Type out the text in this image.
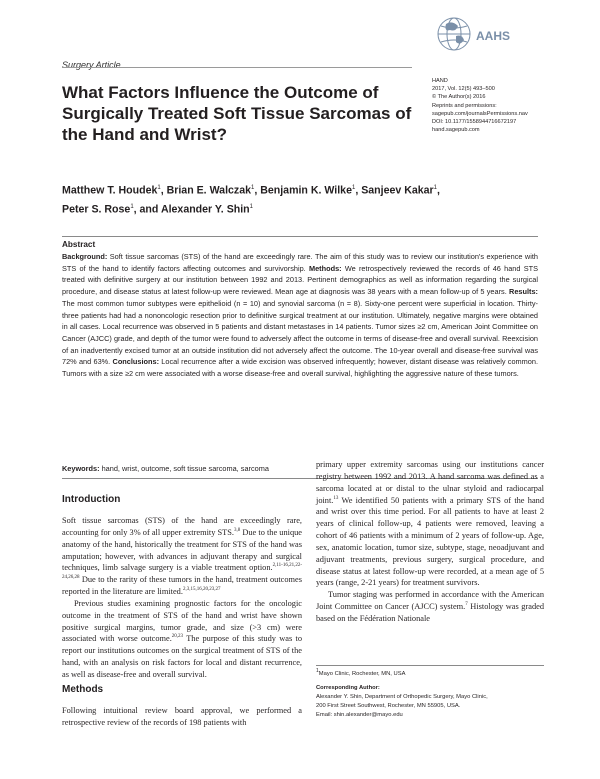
Surgery Article
AAHS
HAND
2017, Vol. 12(5) 493–500
© The Author(s) 2016
Reprints and permissions:
sagepub.com/journalsPermissions.nav
DOI: 10.1177/1558944716672197
hand.sagepub.com
What Factors Influence the Outcome of Surgically Treated Soft Tissue Sarcomas of the Hand and Wrist?
Matthew T. Houdek$^1$, Brian E. Walczak$^1$, Benjamin K. Wilke$^1$, Sanjeev Kakar$^1$,
Peter S. Rose$^1$, and Alexander Y. Shin$^1$
Abstract
Background: Soft tissue sarcomas (STS) of the hand are exceedingly rare. The aim of this study was to review our institution's experience with STS of the hand to identify factors affecting outcomes and survivorship. Methods: We retrospectively reviewed the records of 46 hand STS treated with definitive surgery at our institution between 1992 and 2013. Pertinent demographics as well as information regarding the surgical procedure, and disease status at latest follow-up were reviewed. Mean age at diagnosis was 38 years with a mean follow-up of 5 years. Results: The most common tumor subtypes were epithelioid (n = 10) and synovial sarcoma (n = 8). Sixty-one percent were superficial in location. Thirty-three patients had had a nononcologic resection prior to definitive surgical treatment at our institution. Ultimately, negative margins were obtained in all cases. Local recurrence was observed in 5 patients and distant metastases in 14 patients. Tumor sizes ≥2 cm, American Joint Committee on Cancer (AJCC) grade, and depth of the tumor were found to adversely affect the outcome in terms of disease-free and overall survival. Reexcision of an inadvertently excised tumor at an outside institution did not adversely affect the outcome. The 10-year overall and disease-free survival was 72% and 63%. Conclusions: Local recurrence after a wide excision was observed infrequently; however, distant disease was relatively common. Tumors with a size ≥2 cm were associated with a worse disease-free and overall survival, highlighting the aggressive nature of these tumors.
Keywords: hand, wrist, outcome, soft tissue sarcoma, sarcoma
Introduction

Soft tissue sarcomas (STS) of the hand are exceedingly rare, accounting for only 3% of all upper extremity STS.$^{3,8}$ Due to the unique anatomy of the hand, historically the treatment for STS of the hand was amputation; however, with advances in adjuvant therapy and surgical techniques, limb salvage surgery is a viable treatment option.$^{2,11-16,21,22-24,26,28}$ Due to the rarity of these tumors in the hand, treatment outcomes reported in the literature are limited.$^{2,3,15,16,20,23,27}$

Previous studies examining prognostic factors for the oncologic outcome in the treatment of STS of the hand and wrist have shown positive surgical margins, tumor grade, and size (>3 cm) were associated with worse outcome.$^{20,23}$ The purpose of this study was to report our institutions outcomes on the surgical treatment of STS of the hand, with an analysis on risk factors for local and distant recurrence, as well as disease-free and overall survival.

Methods

Following intuitional review board approval, we performed a retrospective review of the records of 198 patients with

primary upper extremity sarcomas using our institutions cancer registry between 1992 and 2013. A hand sarcoma was defined as a sarcoma located at or distal to the ulnar styloid and radiocarpal joint.$^{13}$ We identified 50 patients with a primary STS of the hand and wrist over this time period. For all patients to have at least 2 years of clinical follow-up, 4 patients were removed, leaving a cohort of 46 patients with a minimum of 2 years of follow-up. Age, sex, anatomic location, tumor size, subtype, stage, neoadjuvant and adjuvant treatments, previous surgery, surgical procedure, and disease status at latest follow-up were recorded, at a mean age of 5 years (range, 2-21 years) for treatment survivors.

Tumor staging was performed in accordance with the American Joint Committee on Cancer (AJCC) system.$^7$ Histology was graded based on the Fédération Nationale

$^1$Mayo Clinic, Rochester, MN, USA
Corresponding Author:
Alexander Y. Shin, Department of Orthopedic Surgery, Mayo Clinic,
200 First Street Southwest, Rochester, MN 55905, USA.
Email: shin.alexander@mayo.edu
